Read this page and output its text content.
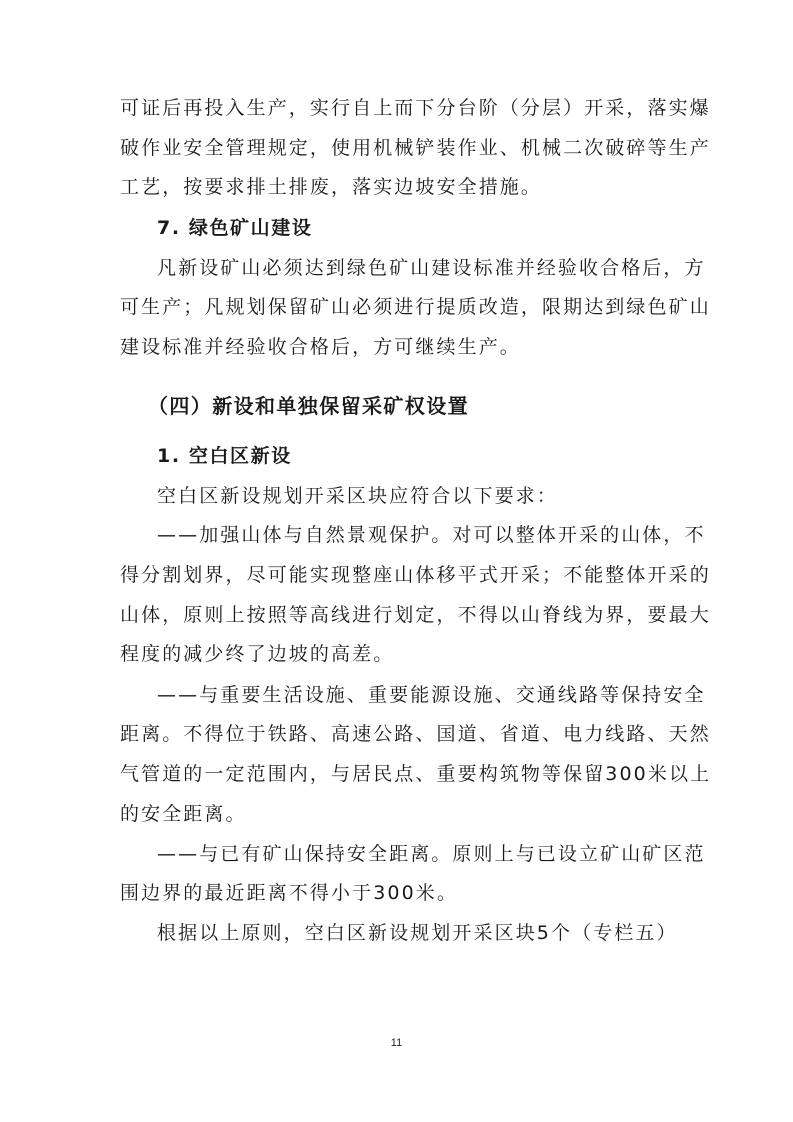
可证后再投入生产，实行自上而下分台阶（分层）开采，落实爆
破作业安全管理规定，使用机械铲装作业、机械二次破碎等生产
工艺，按要求排土排废，落实边坡安全措施。
7. 绿色矿山建设
凡新设矿山必须达到绿色矿山建设标准并经验收合格后，方
可生产；凡规划保留矿山必须进行提质改造，限期达到绿色矿山
建设标准并经验收合格后，方可继续生产。
（四）新设和单独保留采矿权设置
1. 空白区新设
空白区新设规划开采区块应符合以下要求：
——加强山体与自然景观保护。对可以整体开采的山体，不
得分割划界，尽可能实现整座山体移平式开采；不能整体开采的
山体，原则上按照等高线进行划定，不得以山脊线为界，要最大
程度的减少终了边坡的高差。
——与重要生活设施、重要能源设施、交通线路等保持安全
距离。不得位于铁路、高速公路、国道、省道、电力线路、天然
气管道的一定范围内，与居民点、重要构筑物等保留300米以上
的安全距离。
——与已有矿山保持安全距离。原则上与已设立矿山矿区范
围边界的最近距离不得小于300米。
根据以上原则，空白区新设规划开采区块5个（专栏五）
11
